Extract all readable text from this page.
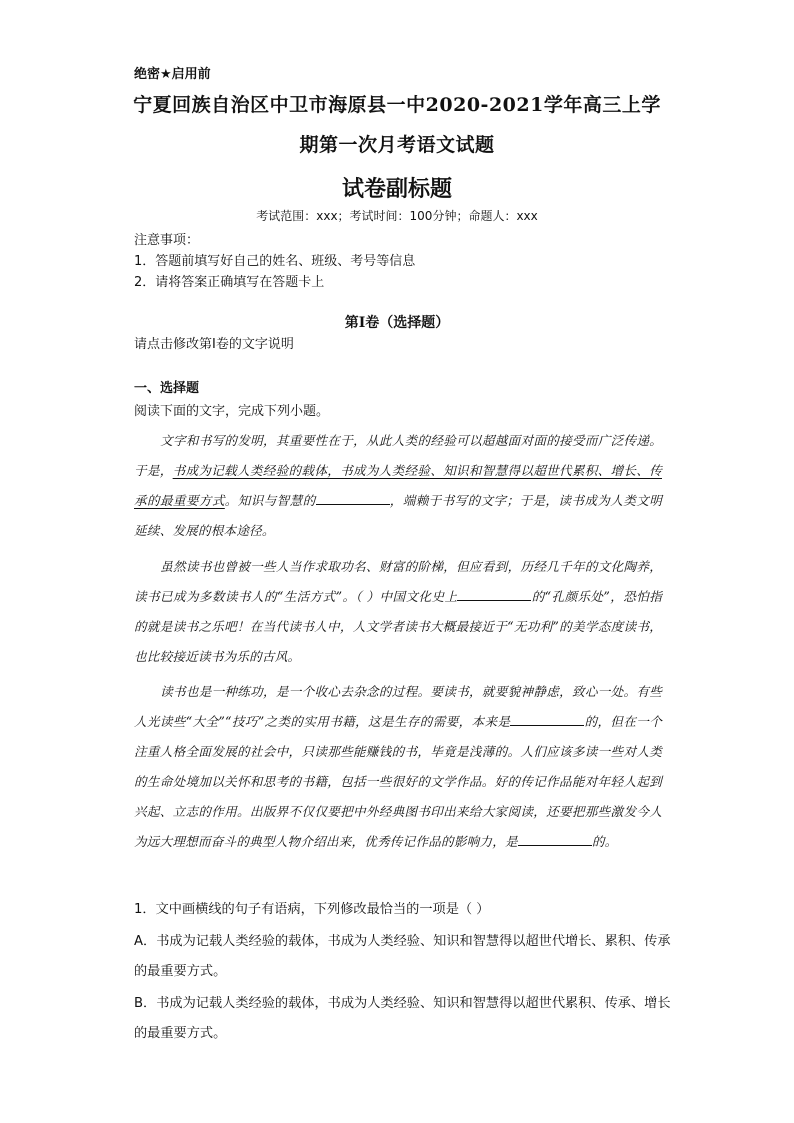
绝密★启用前
宁夏回族自治区中卫市海原县一中2020-2021学年高三上学
期第一次月考语文试题
试卷副标题
考试范围：xxx；考试时间：100分钟；命题人：xxx
注意事项：
1．答题前填写好自己的姓名、班级、考号等信息
2．请将答案正确填写在答题卡上
第I卷（选择题）
请点击修改第I卷的文字说明
一、选择题
阅读下面的文字，完成下列小题。
文字和书写的发明，其重要性在于，从此人类的经验可以超越面对面的接受而广泛传递。于是，书成为记载人类经验的载体，书成为人类经验、知识和智慧得以超世代累积、增长、传承的最重要方式。知识与智慧的	，端赖于书写的文字；于是，读书成为人类文明延续、发展的根本途径。
虽然读书也曾被一些人当作求取功名、财富的阶梯，但应看到，历经几千年的文化陶养，读书已成为多数读书人的“生活方式”。（ ）中国文化史上	的“孔颜乐处”，恐怕指的就是读书之乐吧！在当代读书人中，人文学者读书大概最接近于“无功利”的美学态度读书，也比较接近读书为乐的古风。
读书也是一种练功，是一个收心去杂念的过程。要读书，就要貌神静虑，致心一处。有些人光读些“大全”“技巧”之类的实用书籍，这是生存的需要，本来是	的，但在一个注重人格全面发展的社会中，只读那些能赚钱的书，毕竟是浅薄的。人们应该多读一些对人类的生命处境加以关怀和思考的书籍，包括一些很好的文学作品。好的传记作品能对年轻人起到兴起、立志的作用。出版界不仅仅要把中外经典图书印出来给大家阅读，还要把那些激发今人为远大理想而奋斗的典型人物介绍出来，优秀传记作品的影响力，是	的。
1．文中画横线的句子有语病，下列修改最恰当的一项是（ ）
A．书成为记载人类经验的载体，书成为人类经验、知识和智慧得以超世代增长、累积、传承的最重要方式。
B．书成为记载人类经验的载体，书成为人类经验、知识和智慧得以超世代累积、传承、增长的最重要方式。
